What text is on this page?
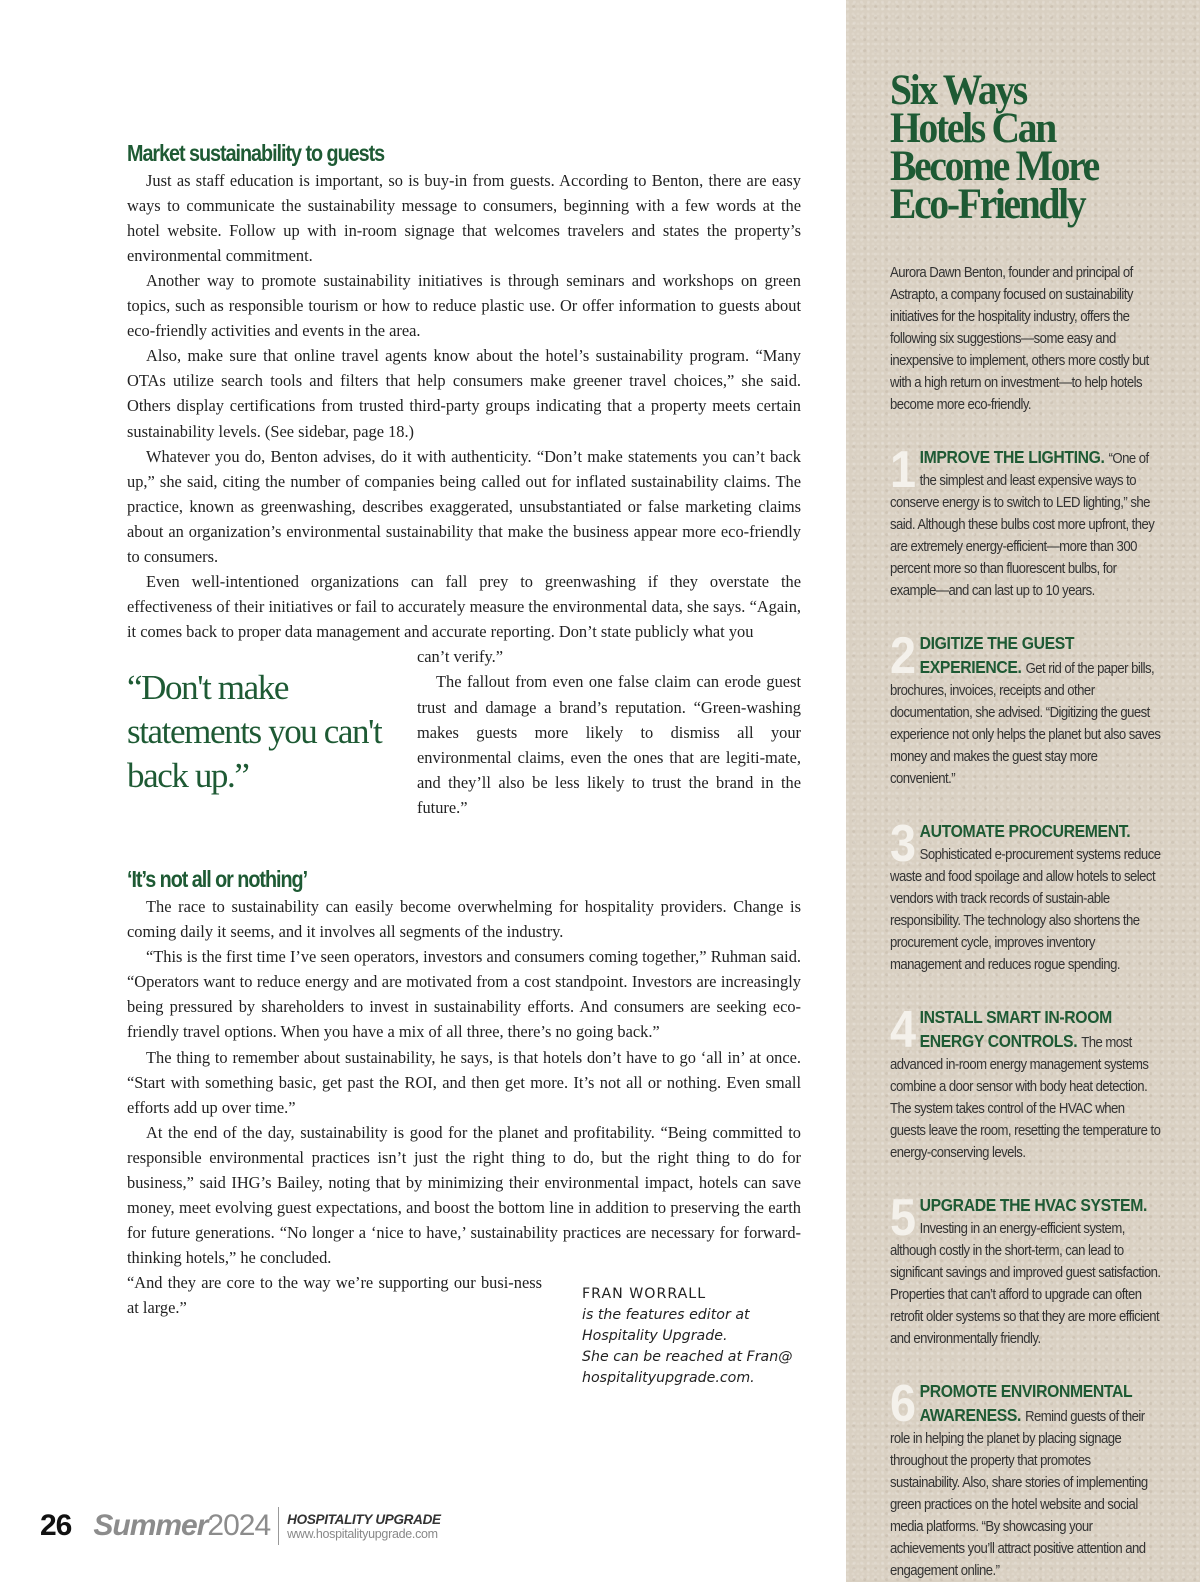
Market sustainability to guests

Just as staff education is important, so is buy-in from guests. According to Benton, there are easy ways to communicate the sustainability message to consumers, beginning with a few words at the hotel website. Follow up with in-room signage that welcomes travelers and states the property’s environmental commitment.

Another way to promote sustainability initiatives is through seminars and workshops on green topics, such as responsible tourism or how to reduce plastic use. Or offer information to guests about eco-friendly activities and events in the area.

Also, make sure that online travel agents know about the hotel’s sustainability program. “Many OTAs utilize search tools and filters that help consumers make greener travel choices,” she said. Others display certifications from trusted third-party groups indicating that a property meets certain sustainability levels. (See sidebar, page 18.)

Whatever you do, Benton advises, do it with authenticity. “Don’t make statements you can’t back up,” she said, citing the number of companies being called out for inflated sustainability claims. The practice, known as greenwashing, describes exaggerated, unsubstantiated or false marketing claims about an organization’s environmental sustainability that make the business appear more eco-friendly to consumers.

Even well-intentioned organizations can fall prey to greenwashing if they overstate the effectiveness of their initiatives or fail to accurately measure the environmental data, she says. “Again, it comes back to proper data management and accurate reporting. Don’t state publicly what you

“Don't make statements you can't back up.”

can’t verify.”

The fallout from even one false claim can erode guest trust and damage a brand’s reputation. “Green-washing makes guests more likely to dismiss all your environmental claims, even the ones that are legiti-mate, and they’ll also be less likely to trust the brand in the future.”

‘It’s not all or nothing’

The race to sustainability can easily become overwhelming for hospitality providers. Change is coming daily it seems, and it involves all segments of the industry.

“This is the first time I’ve seen operators, investors and consumers coming together,” Ruhman said. “Operators want to reduce energy and are motivated from a cost standpoint. Investors are increasingly being pressured by shareholders to invest in sustainability efforts. And consumers are seeking eco-friendly travel options. When you have a mix of all three, there’s no going back.”

The thing to remember about sustainability, he says, is that hotels don’t have to go ‘all in’ at once. “Start with something basic, get past the ROI, and then get more. It’s not all or nothing. Even small efforts add up over time.”

At the end of the day, sustainability is good for the planet and profitability. “Being committed to responsible environmental practices isn’t just the right thing to do, but the right thing to do for business,” said IHG’s Bailey, noting that by minimizing their environmental impact, hotels can save money, meet evolving guest expectations, and boost the bottom line in addition to preserving the earth for future generations. “No longer a ‘nice to have,’ sustainability practices are necessary for forward-thinking hotels,” he concluded.

“And they are core to the way we’re supporting our busi-ness at large.”

FRAN WORRALL
is the features editor at
Hospitality Upgrade.
She can be reached at Fran@
hospitalityupgrade.com.
26 Summer 2024 HOSPITALITY UPGRADE
www.hospitalityupgrade.com
Six Ways
Hotels Can
Become More
Eco-Friendly

Aurora Dawn Benton, founder and principal of Astrapto, a company focused on sustainability initiatives for the hospitality industry, offers the following six suggestions—some easy and inexpensive to implement, others more costly but with a high return on investment—to help hotels become more eco-friendly.

1 IMPROVE THE LIGHTING. “One of the simplest and least expensive ways to conserve energy is to switch to LED lighting,” she said. Although these bulbs cost more upfront, they are extremely energy-efficient—more than 300 percent more so than fluorescent bulbs, for example—and can last up to 10 years.
2 DIGITIZE THE GUEST EXPERIENCE. Get rid of the paper bills, brochures, invoices, receipts and other documentation, she advised. “Digitizing the guest experience not only helps the planet but also saves money and makes the guest stay more convenient.”
3 AUTOMATE PROCUREMENT. Sophisticated e-procurement systems reduce waste and food spoilage and allow hotels to select vendors with track records of sustain-able responsibility. The technology also shortens the procurement cycle, improves inventory management and reduces rogue spending.
4 INSTALL SMART IN-ROOM ENERGY CONTROLS. The most advanced in-room energy management systems combine a door sensor with body heat detection. The system takes control of the HVAC when guests leave the room, resetting the temperature to energy-conserving levels.
5 UPGRADE THE HVAC SYSTEM. Investing in an energy-efficient system, although costly in the short-term, can lead to significant savings and improved guest satisfaction. Properties that can’t afford to upgrade can often retrofit older systems so that they are more efficient and environmentally friendly.
6 PROMOTE ENVIRONMENTAL AWARENESS. Remind guests of their role in helping the planet by placing signage throughout the property that promotes sustainability. Also, share stories of implementing green practices on the hotel website and social media platforms. “By showcasing your achievements you’ll attract positive attention and engagement online.”
